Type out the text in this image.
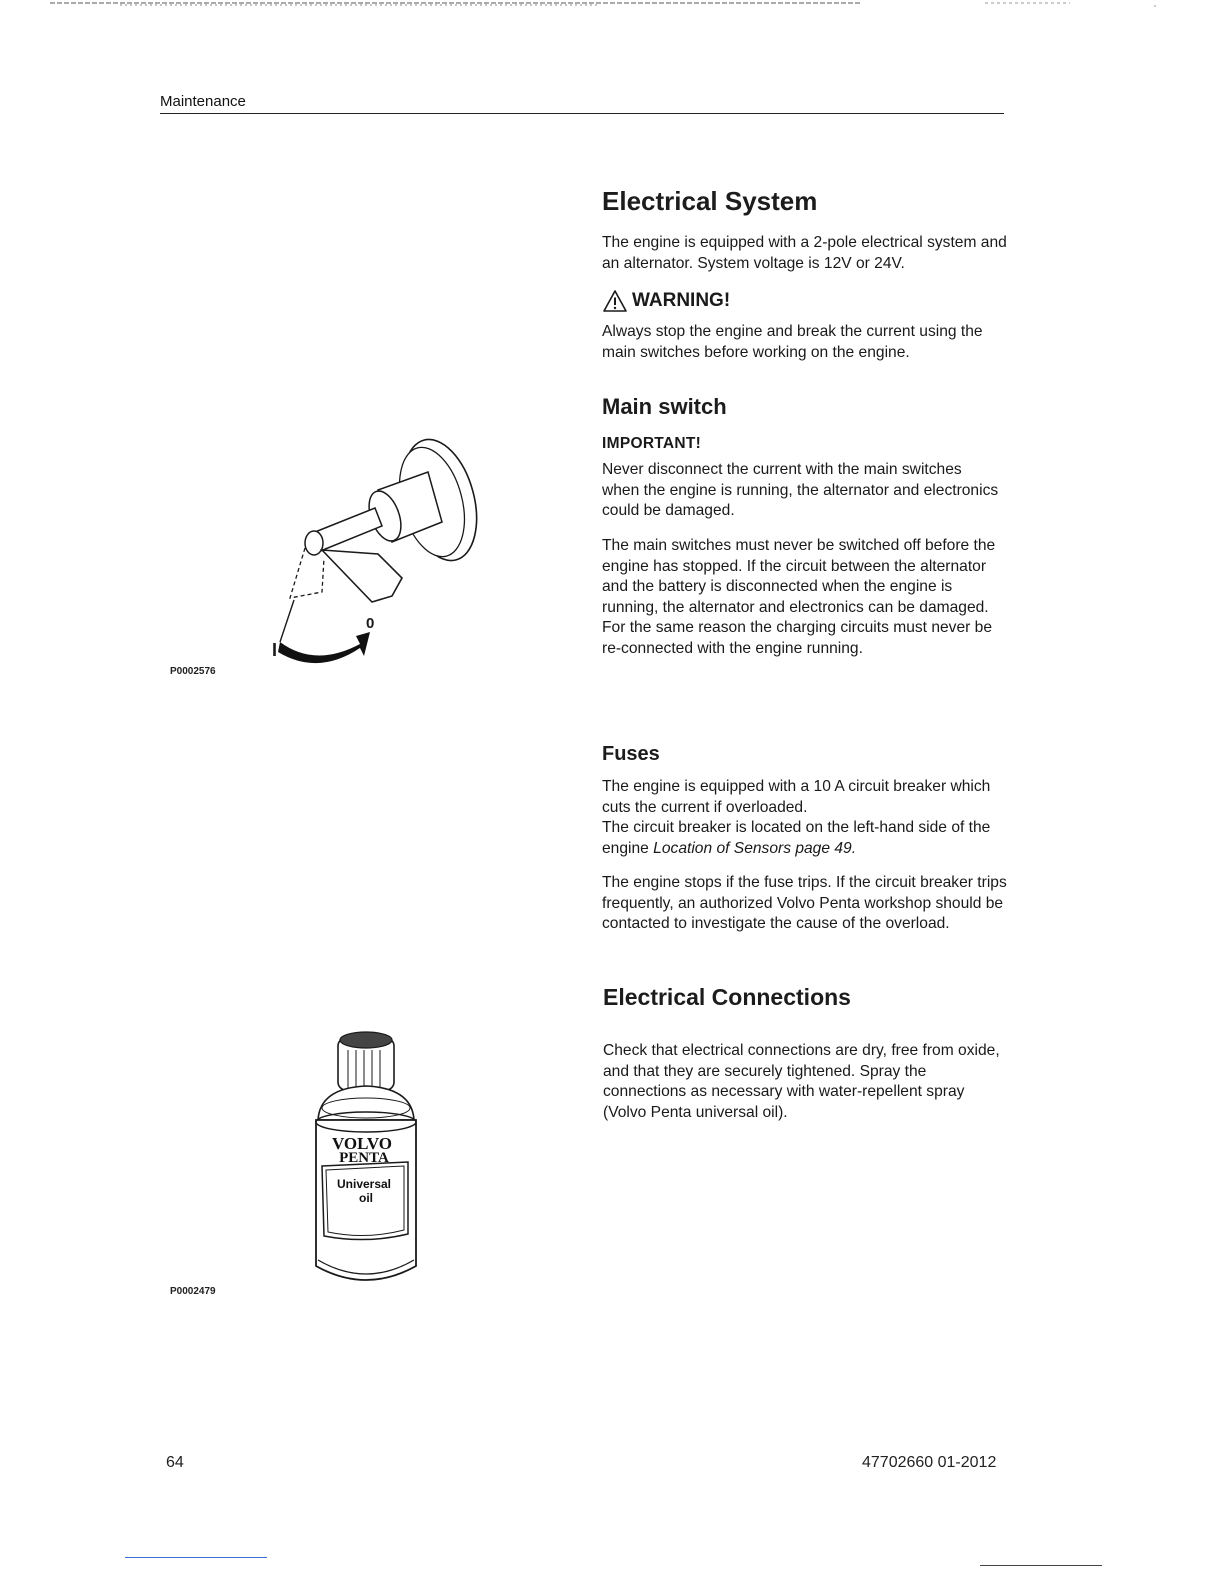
Maintenance
Electrical System

The engine is equipped with a 2-pole electrical system and an alternator. System voltage is 12V or 24V.

WARNING!

Always stop the engine and break the current using the main switches before working on the engine.

Main switch
IMPORTANT!

Never disconnect the current with the main switches when the engine is running, the alternator and electronics could be damaged.

The main switches must never be switched off before the engine has stopped. If the circuit between the alternator and the battery is disconnected when the engine is running, the alternator and electronics can be damaged. For the same reason the charging circuits must never be re-connected with the engine running.

Fuses

The engine is equipped with a 10 A circuit breaker which cuts the current if overloaded.
The circuit breaker is located on the left-hand side of the engine Location of Sensors page 49.

The engine stops if the fuse trips. If the circuit breaker trips frequently, an authorized Volvo Penta workshop should be contacted to investigate the cause of the overload.

Electrical Connections

Check that electrical connections are dry, free from oxide, and that they are securely tightened. Spray the connections as necessary with water-repellent spray (Volvo Penta universal oil).

I
0
P0002576
VOLVO
PENTA
Universal
oil
P0002479
64	47702660 01-2012
